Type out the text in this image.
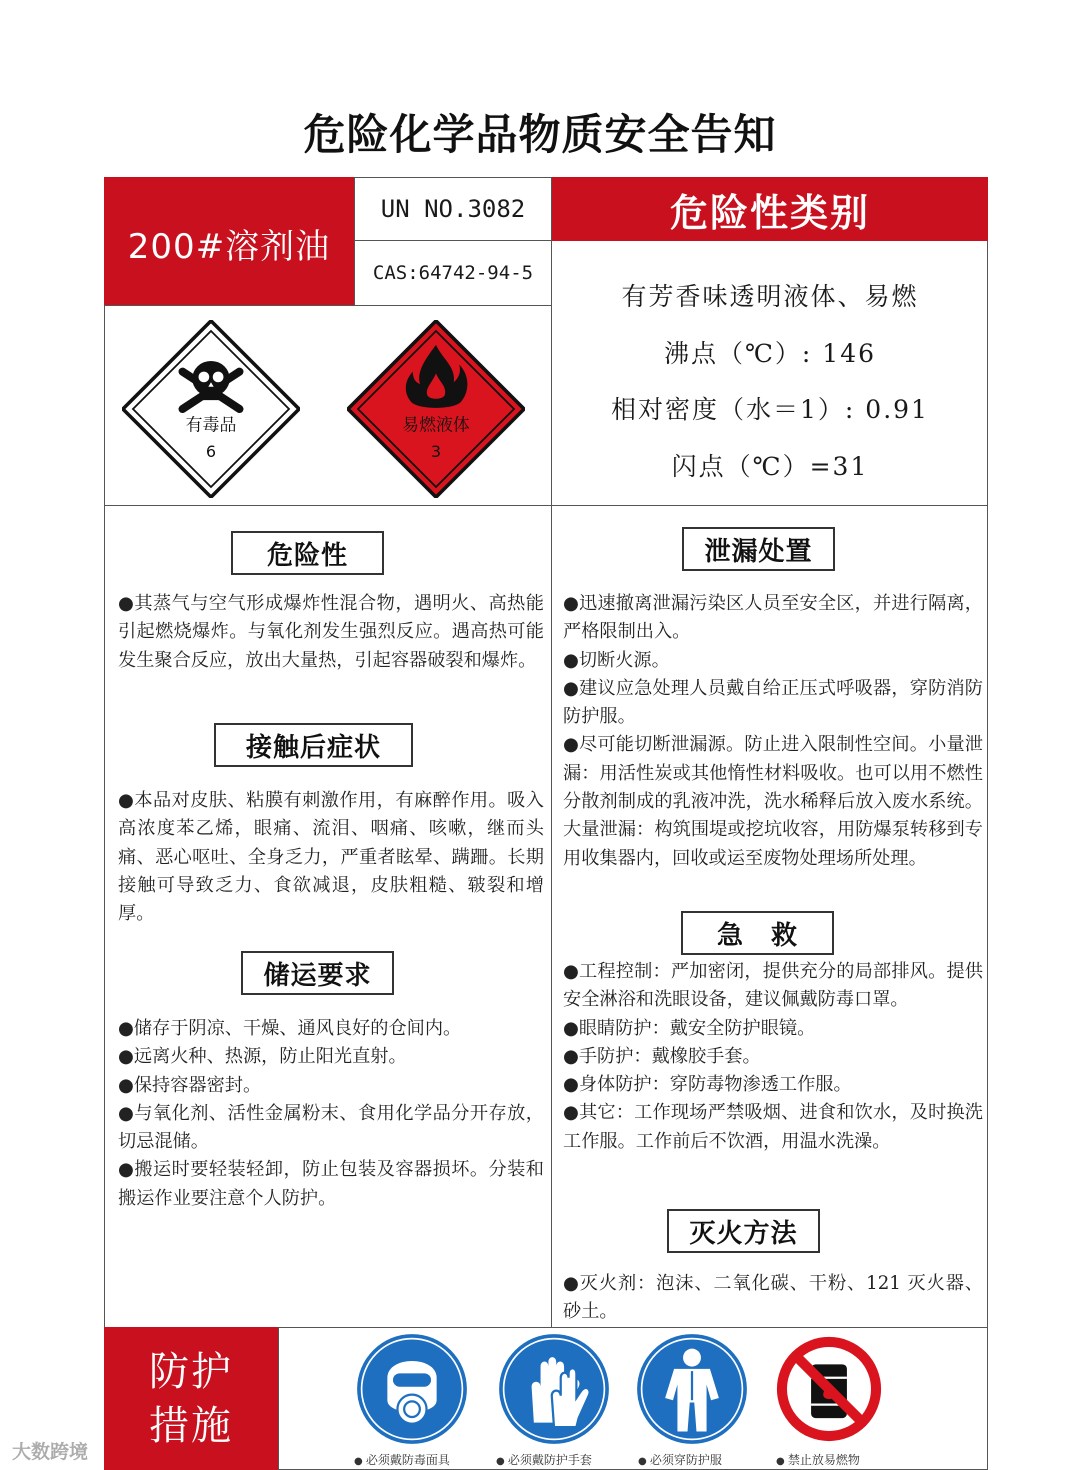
危险化学品物质安全告知
200#溶剂油
UN NO.3082
CAS:64742-94-5
危险性类别
有芳香味透明液体、易燃
沸点（℃）: 146
相对密度（水＝1）: 0.91
闪点（℃）=31
有毒品
6
易燃液体
3
危险性

●其蒸气与空气形成爆炸性混合物，遇明火、高热能引起燃烧爆炸。与氧化剂发生强烈反应。遇高热可能发生聚合反应，放出大量热，引起容器破裂和爆炸。

接触后症状

●本品对皮肤、粘膜有刺激作用，有麻醉作用。吸入高浓度苯乙烯，眼痛、流泪、咽痛、咳嗽，继而头痛、恶心呕吐、全身乏力，严重者眩晕、蹒跚。长期接触可导致乏力、食欲减退，皮肤粗糙、皲裂和增厚。

储运要求

●储存于阴凉、干燥、通风良好的仓间内。

●远离火种、热源，防止阳光直射。

●保持容器密封。

●与氧化剂、活性金属粉末、食用化学品分开存放，切忌混储。

●搬运时要轻装轻卸，防止包装及容器损坏。分装和搬运作业要注意个人防护。

泄漏处置

●迅速撤离泄漏污染区人员至安全区，并进行隔离，严格限制出入。

●切断火源。

●建议应急处理人员戴自给正压式呼吸器，穿防消防防护服。

●尽可能切断泄漏源。防止进入限制性空间。小量泄漏：用活性炭或其他惰性材料吸收。也可以用不燃性分散剂制成的乳液冲洗，洗水稀释后放入废水系统。大量泄漏：构筑围堤或挖坑收容，用防爆泵转移到专用收集器内，回收或运至废物处理场所处理。

急　救

●工程控制：严加密闭，提供充分的局部排风。提供安全淋浴和洗眼设备，建议佩戴防毒口罩。

●眼睛防护：戴安全防护眼镜。

●手防护：戴橡胶手套。

●身体防护：穿防毒物渗透工作服。

●其它：工作现场严禁吸烟、进食和饮水，及时换洗工作服。工作前后不饮酒，用温水洗澡。

灭火方法

●灭火剂：泡沫、二氧化碳、干粉、121 灭火器、砂土。

防护
措施
● 必须戴防毒面具	● 必须戴防护手套	● 必须穿防护服	● 禁止放易燃物
大数跨境
